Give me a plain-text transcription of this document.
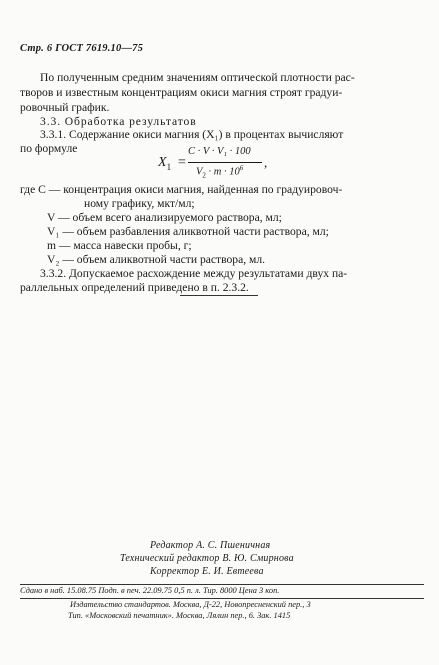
Стр. 6 ГОСТ 7619.10—75
По полученным средним значениям оптической плотности рас-
творов и известным концентрациям окиси магния строят градуи-
ровочный график.
3.3. Обработка результатов
3.3.1. Содержание окиси магния (X₁) в процентах вычисляют
по формуле
$X_1$ =
C · V · V₁ · 100
$V_2 \cdot m \cdot 10^6$ ,
где C — концентрация окиси магния, найденная по градуировоч-
ному графику, мкт/мл;
V — объем всего анализируемого раствора, мл;
V₁ — объем разбавления аликвотной части раствора, мл;
m — масса навески пробы, г;
V₂ — объем аликвотной части раствора, мл.
3.3.2. Допускаемое расхождение между результатами двух па-
раллельных определений приведено в п. 2.3.2.
Редактор А. С. Пшеничная
Технический редактор В. Ю. Смирнова
Корректор Е. И. Евтеева
Сдано в наб. 15.08.75 Подп. в печ. 22.09.75 0,5 п. л. Тир. 8000 Цена 3 коп.
Издательство стандартов. Москва, Д-22, Новопресненский пер., 3
Тип. «Московский печатник». Москва, Лялин пер., 6. Зак. 1415
